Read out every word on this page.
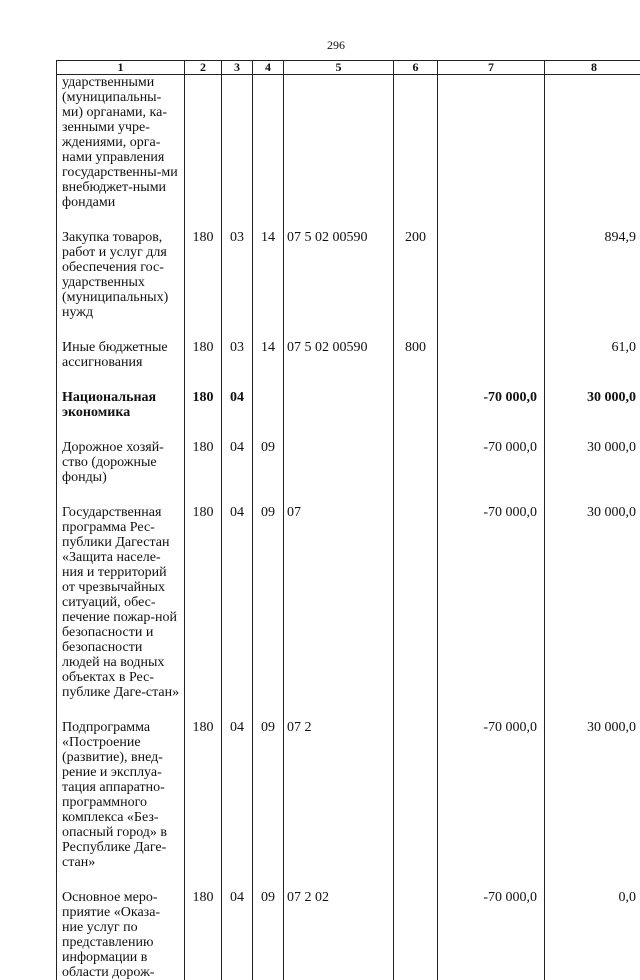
296
1	2	3	4	5	6	7	8
ударственными (муниципальны-ми) органами, ка-зенными учре-ждениями, орга-нами управления государственны-ми внебюджет-ными фондами							

Закупка товаров, работ и услуг для обеспечения гос-ударственных (муниципальных) нужд	180	03	14	07 5 02 00590	200		894,9

Иные бюджетные ассигнования	180	03	14	07 5 02 00590	800		61,0

Национальная экономика	180	04				-70 000,0	30 000,0

Дорожное хозяй-ство (дорожные фонды)	180	04	09			-70 000,0	30 000,0

Государственная программа Рес-публики Дагестан «Защита населе-ния и территорий от чрезвычайных ситуаций, обес-печение пожар-ной безопасности и безопасности людей на водных объектах в Рес-публике Даге-стан»	180	04	09	07		-70 000,0	30 000,0

Подпрограмма «Построение (развитие), внед-рение и эксплуа-тация аппаратно-программного комплекса «Без-опасный город» в Республике Даге-стан»	180	04	09	07 2		-70 000,0	30 000,0

Основное меро-приятие «Оказа-ние услуг по представлению информации в области дорож-	180	04	09	07 2 02		-70 000,0	0,0
